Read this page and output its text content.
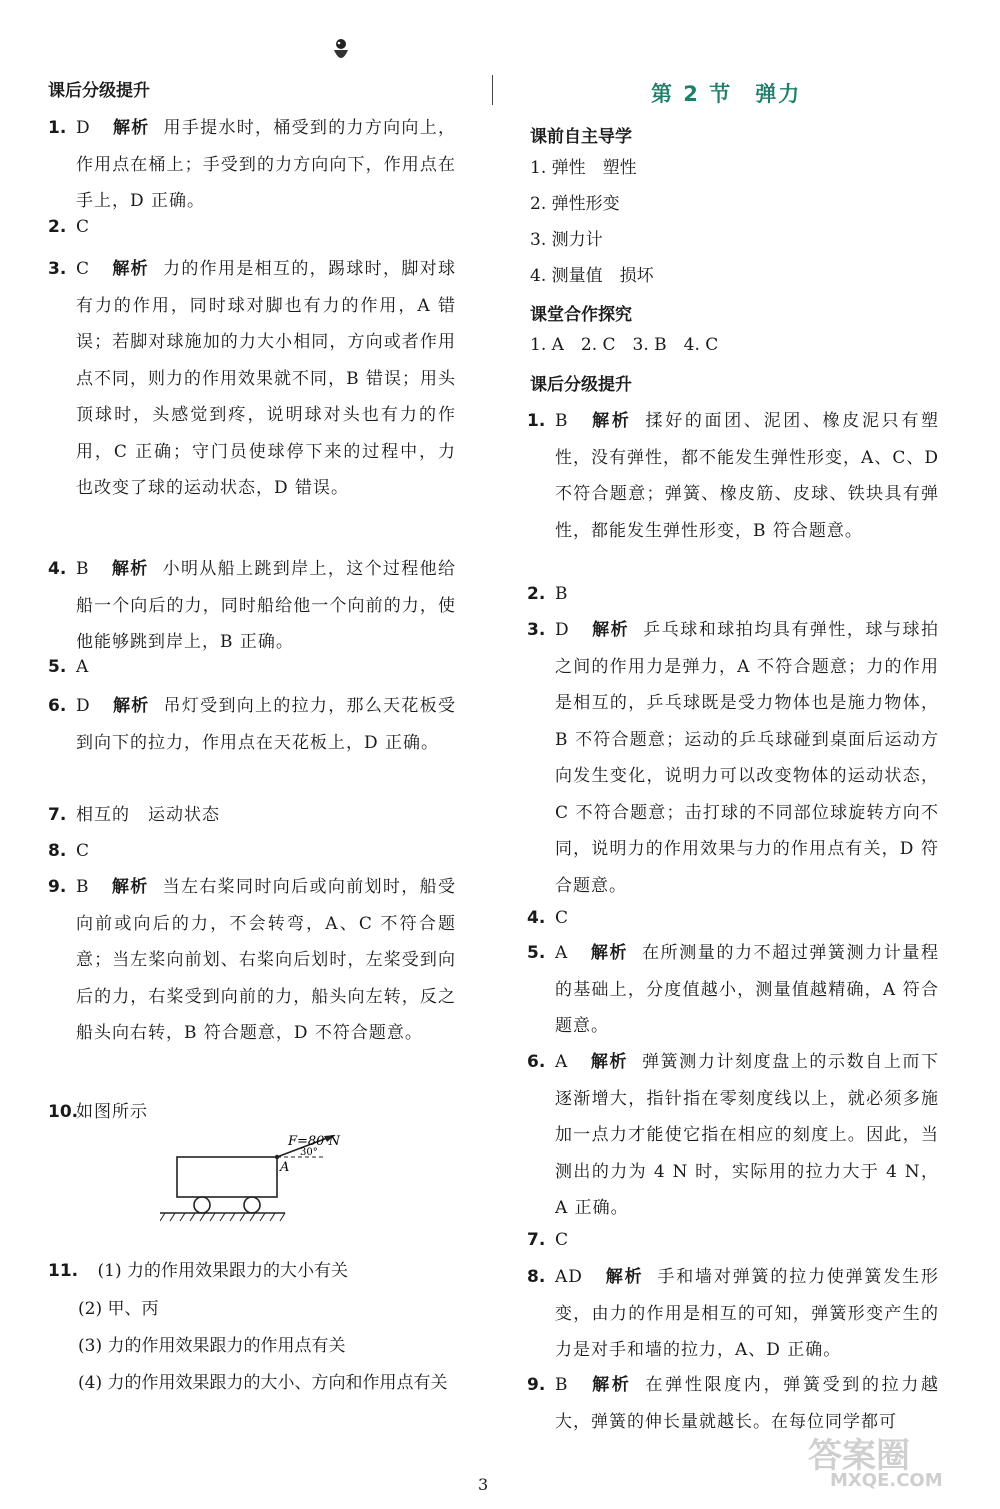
课后分级提升
1. D 解析 用手提水时，桶受到的力方向向上，作用点在桶上；手受到的力方向向下，作用点在手上，D 正确。
2. C
3. C 解析 力的作用是相互的，踢球时，脚对球有力的作用，同时球对脚也有力的作用，A 错误；若脚对球施加的力大小相同，方向或者作用点不同，则力的作用效果就不同，B 错误；用头顶球时，头感觉到疼，说明球对头也有力的作用，C 正确；守门员使球停下来的过程中，力也改变了球的运动状态，D 错误。
4. B 解析 小明从船上跳到岸上，这个过程他给船一个向后的力，同时船给他一个向前的力，使他能够跳到岸上，B 正确。
5. A
6. D 解析 吊灯受到向上的拉力，那么天花板受到向下的拉力，作用点在天花板上，D 正确。
7. 相互的　运动状态
8. C
9. B 解析 当左右桨同时向后或向前划时，船受向前或向后的力，不会转弯，A、C 不符合题意；当左桨向前划、右桨向后划时，左桨受到向后的力，右桨受到向前的力，船头向左转，反之船头向右转，B 符合题意，D 不符合题意。
10.
如图所示
F=80 N
30°
A
11. (1) 力的作用效果跟力的大小有关
(2) 甲、丙
(3) 力的作用效果跟力的作用点有关
(4) 力的作用效果跟力的大小、方向和作用点有关
第 2 节　弹力
课前自主导学
1. 弹性　塑性
2. 弹性形变
3. 测力计
4. 测量值　损坏
课堂合作探究
1. A　2. C　3. B　4. C
课后分级提升
1. B 解析 揉好的面团、泥团、橡皮泥只有塑性，没有弹性，都不能发生弹性形变，A、C、D 不符合题意；弹簧、橡皮筋、皮球、铁块具有弹性，都能发生弹性形变，B 符合题意。
2. B
3. D 解析 乒乓球和球拍均具有弹性，球与球拍之间的作用力是弹力，A 不符合题意；力的作用是相互的，乒乓球既是受力物体也是施力物体，B 不符合题意；运动的乒乓球碰到桌面后运动方向发生变化，说明力可以改变物体的运动状态，C 不符合题意；击打球的不同部位球旋转方向不同，说明力的作用效果与力的作用点有关，D 符合题意。
4. C
5. A 解析 在所测量的力不超过弹簧测力计量程的基础上，分度值越小，测量值越精确，A 符合题意。
6. A 解析 弹簧测力计刻度盘上的示数自上而下逐渐增大，指针指在零刻度线以上，就必须多施加一点力才能使它指在相应的刻度上。因此，当测出的力为 4 N 时，实际用的拉力大于 4 N，A 正确。
7. C
8. AD 解析 手和墙对弹簧的拉力使弹簧发生形变，由力的作用是相互的可知，弹簧形变产生的力是对手和墙的拉力，A、D 正确。
9. B 解析 在弹性限度内，弹簧受到的拉力越大，弹簧的伸长量就越长。在每位同学都可
3
答案圈
MXQE.COM
